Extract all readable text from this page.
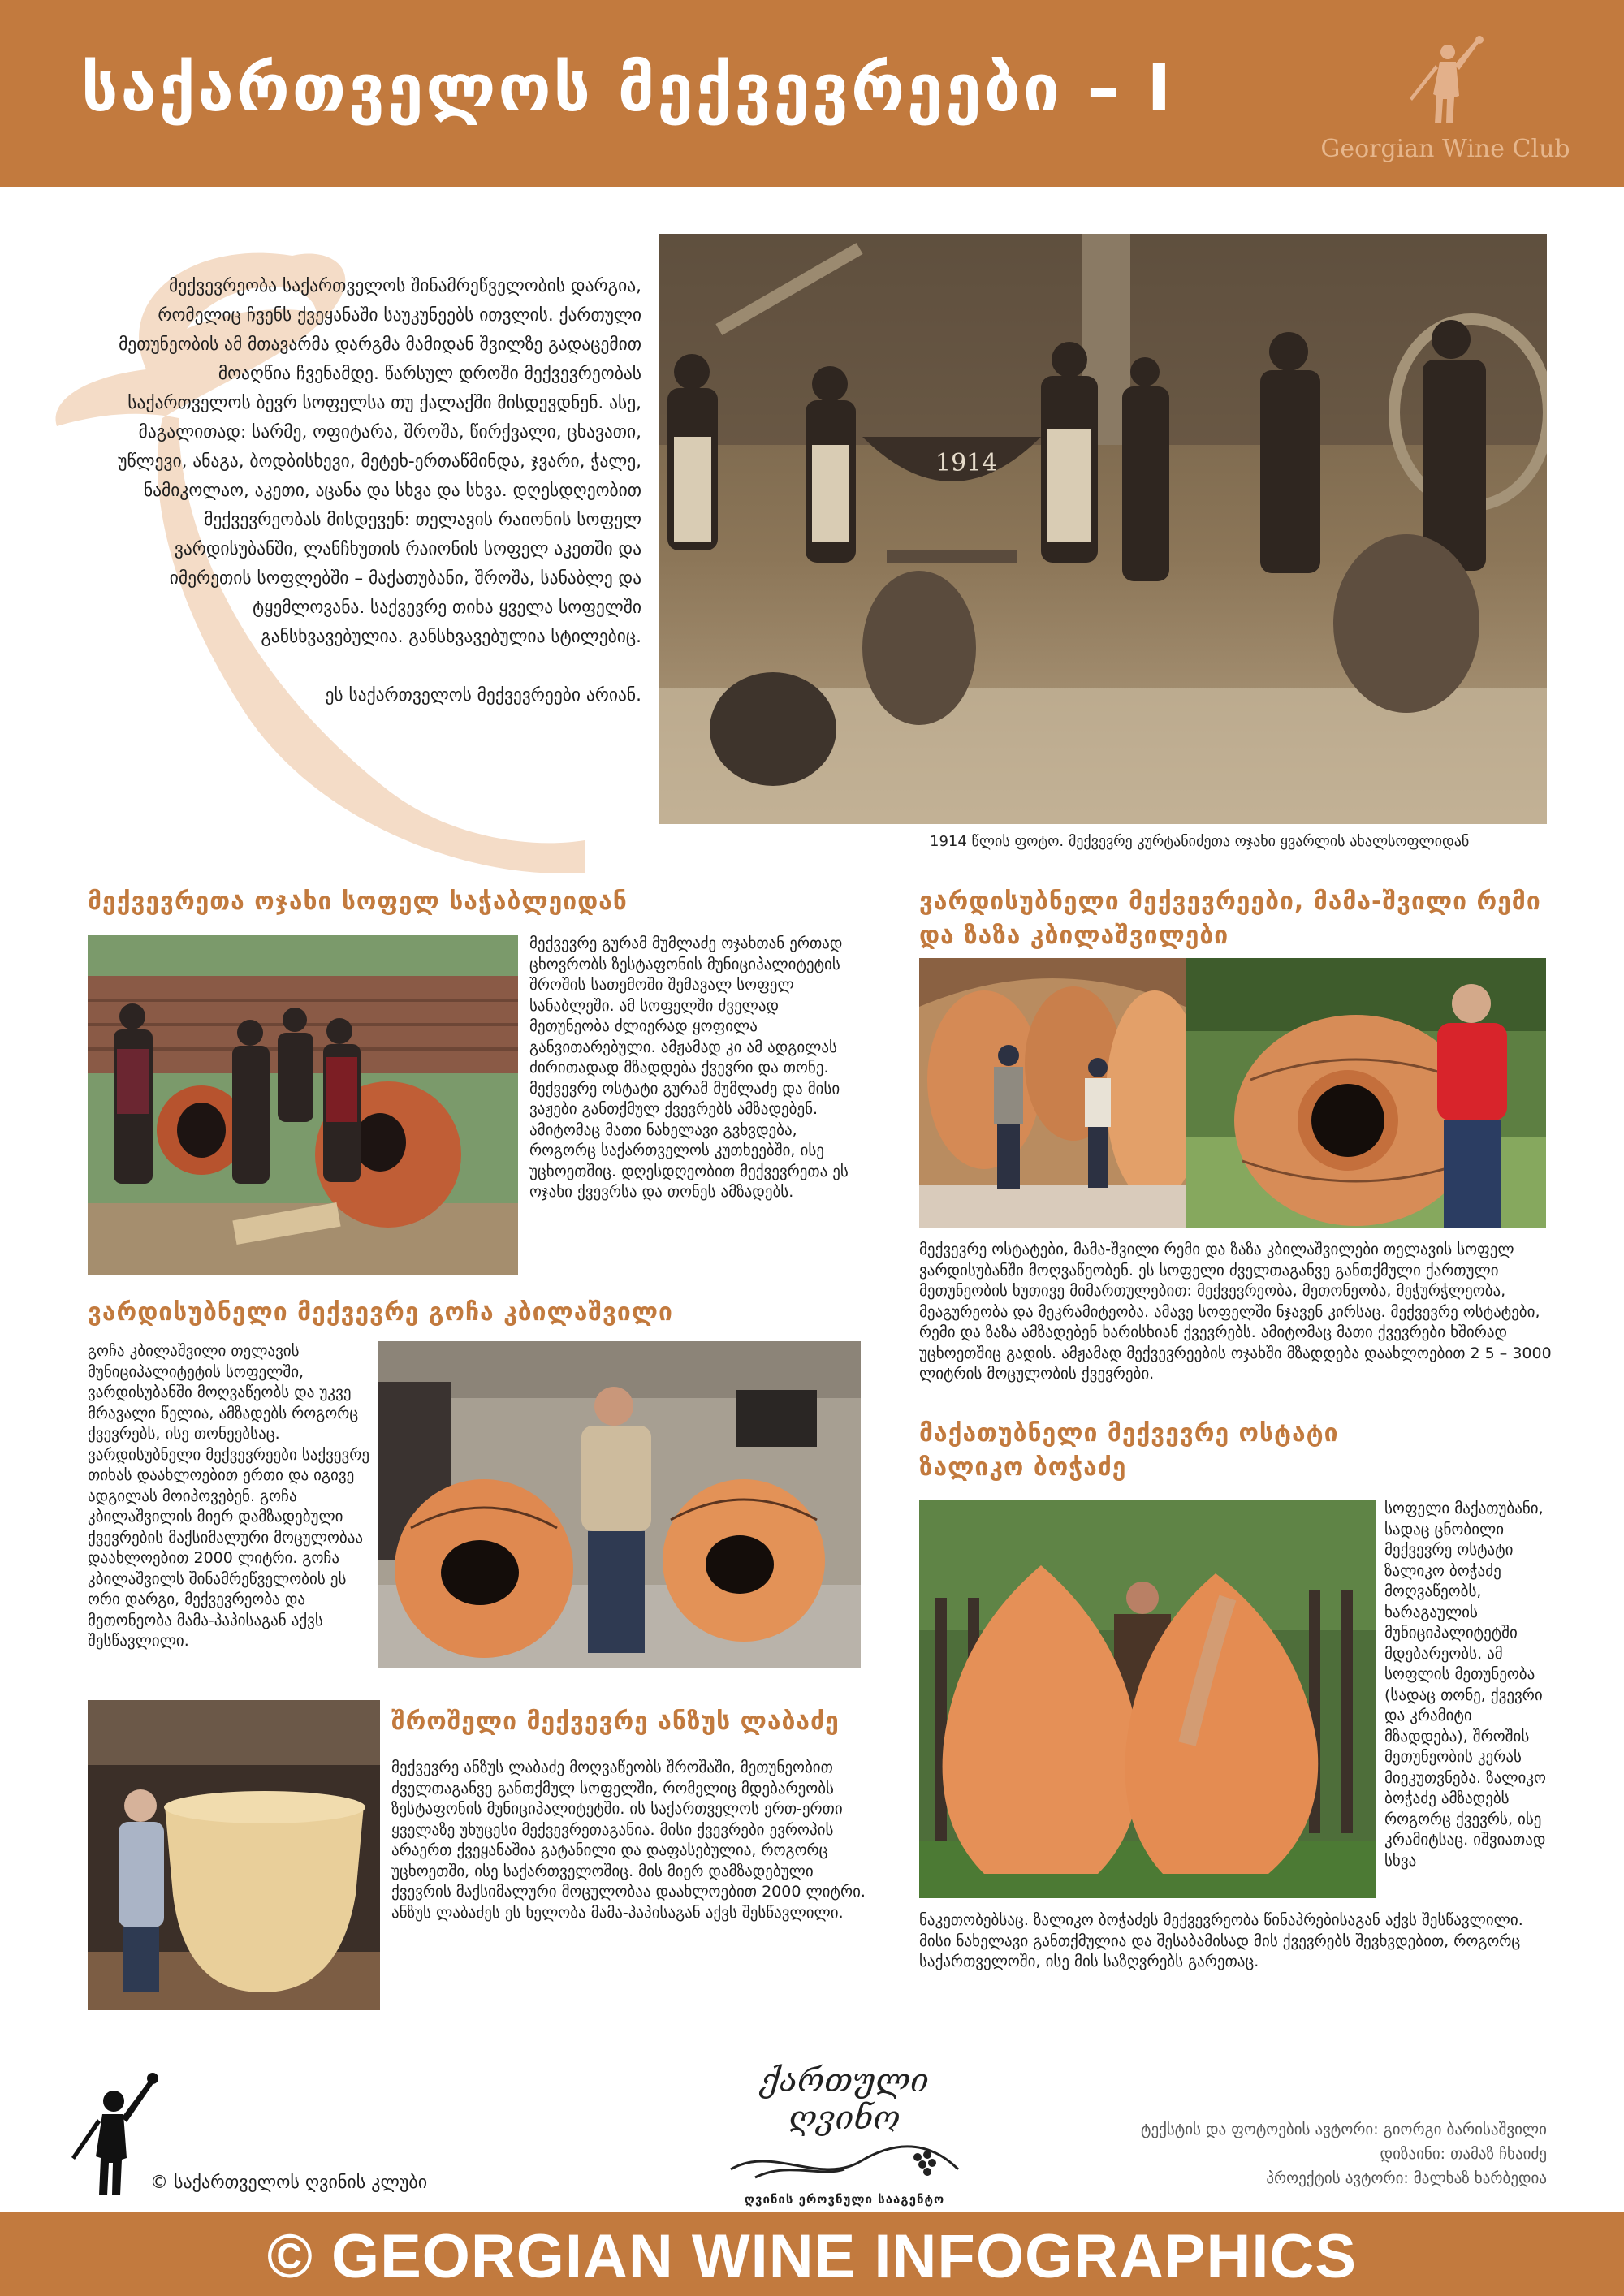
საქართველოს მექვევრეები – I
Georgian Wine Club

მექვევრეობა საქართველოს შინამრეწველობის დარგია, რომელიც ჩვენს ქვეყანაში საუკუნეებს ითვლის. ქართული მეთუნეობის ამ მთავარმა დარგმა მამიდან შვილზე გადაცემით მოაღწია ჩვენამდე. წარსულ დროში მექვევრეობას საქართველოს ბევრ სოფელსა თუ ქალაქში მისდევდნენ. ასე, მაგალითად: სარმე, ოფიტარა, შროშა, წირქვალი, ცხავათი, უწლევი, ანაგა, ბოდბისხევი, მეტეხ-ერთაწმინდა, ჯვარი, ჭალე, ნამიკოლაო, აკეთი, აცანა და სხვა და სხვა. დღესდღეობით მექვევრეობას მისდევენ: თელავის რაიონის სოფელ ვარდისუბანში, ლანჩხუთის რაიონის სოფელ აკეთში და იმერეთის სოფლებში – მაქათუბანი, შროშა, სანაბლე და ტყემლოვანა. საქვევრე თიხა ყველა სოფელში განსხვავებულია. განსხვავებულია სტილებიც.

ეს საქართველოს მექვევრეები არიან.

1914
1914 წლის ფოტო. მექვევრე კურტანიძეთა ოჯახი ყვარლის ახალსოფლიდან
მექვევრეთა ოჯახი სოფელ საჭაბლეიდან
მექვევრე გურამ მუმლაძე ოჯახთან ერთად ცხოვრობს ზესტაფონის მუნიციპალიტეტის შროშის სათემოში შემავალ სოფელ სანაბლეში. ამ სოფელში ძველად მეთუნეობა ძლიერად ყოფილა განვითარებული. ამჟამად კი ამ ადგილას ძირითადად მზადდება ქვევრი და თონე. მექვევრე ოსტატი გურამ მუმლაძე და მისი ვაჟები განთქმულ ქვევრებს ამზადებენ. ამიტომაც მათი ნახელავი გვხვდება, როგორც საქართველოს კუთხეებში, ისე უცხოეთშიც. დღესდღეობით მექვევრეთა ეს ოჯახი ქვევრსა და თონეს ამზადებს.
ვარდისუბნელი მექვევრეები, მამა-შვილი რემი და ზაზა კბილაშვილები
მექვევრე ოსტატები, მამა-შვილი რემი და ზაზა კბილაშვილები თელავის სოფელ ვარდისუბანში მოღვაწეობენ. ეს სოფელი ძველთაგანვე განთქმული ქართული მეთუნეობის ხუთივე მიმართულებით: მექვევრეობა, მეთონეობა, მეჭურჭლეობა, მეაგურეობა და მეკრამიტეობა. ამავე სოფელში ნჯავენ კირსაც. მექვევრე ოსტატები, რემი და ზაზა ამზადებენ ხარისხიან ქვევრებს. ამიტომაც მათი ქვევრები ხშირად უცხოეთშიც გადის. ამჟამად მექვევრეების ოჯახში მზადდება დაახლოებით 2 5 – 3000 ლიტრის მოცულობის ქვევრები.
ვარდისუბნელი მექვევრე გოჩა კბილაშვილი
გოჩა კბილაშვილი თელავის მუნიციპალიტეტის სოფელში, ვარდისუბანში მოღვაწეობს და უკვე მრავალი წელია, ამზადებს როგორც ქვევრებს, ისე თონეებსაც. ვარდისუბნელი მექვევრეები საქვევრე თიხას დაახლოებით ერთი და იგივე ადგილას მოიპოვებენ. გოჩა კბილაშვილის მიერ დამზადებული ქვევრების მაქსიმალური მოცულობაა დაახლოებით 2000 ლიტრი. გოჩა კბილაშვილს შინამრეწველობის ეს ორი დარგი, მექვევრეობა და მეთონეობა მამა-პაპისაგან აქვს შესწავლილი.
შროშელი მექვევრე ანზუს ლაბაძე
მექვევრე ანზუს ლაბაძე მოღვაწეობს შროშაში, მეთუნეობით ძველთაგანვე განთქმულ სოფელში, რომელიც მდებარეობს ზესტაფონის მუნიციპალიტეტში. ის საქართველოს ერთ-ერთი ყველაზე უხუცესი მექვევრეთაგანია. მისი ქვევრები ევროპის არაერთ ქვეყანაშია გატანილი და დაფასებულია, როგორც უცხოეთში, ისე საქართველოშიც. მის მიერ დამზადებული ქვევრის მაქსიმალური მოცულობაა დაახლოებით 2000 ლიტრი. ანზუს ლაბაძეს ეს ხელობა მამა-პაპისაგან აქვს შესწავლილი.
მაქათუბნელი მექვევრე ოსტატი ზალიკო ბოჭაძე
სოფელი მაქათუბანი, სადაც ცნობილი მექვევრე ოსტატი ზალიკო ბოჭაძე მოღვაწეობს, ხარაგაულის მუნიციპალიტეტში მდებარეობს. ამ სოფლის მეთუნეობა (სადაც თონე, ქვევრი და კრამიტი მზადდება), შროშის მეთუნეობის კერას მიეკუთვნება. ზალიკო ბოჭაძე ამზადებს როგორც ქვევრს, ისე კრამიტსაც. იშვიათად სხვა
ნაკეთობებსაც. ზალიკო ბოჭაძეს მექვევრეობა წინაპრებისაგან აქვს შესწავლილი. მისი ნახელავი განთქმულია და შესაბამისად მის ქვევრებს შევხვდებით, როგორც საქართველოში, ისე მის საზღვრებს გარეთაც.
© საქართველოს ღვინის კლუბი
ქართული ღვინო
ღვინის ეროვნული სააგენტო
ტექსტის და ფოტოების ავტორი: გიორგი ბარისაშვილი
დიზაინი: თამაზ ჩხაიძე
პროექტის ავტორი: მალხაზ ხარბედია
© GEORGIAN WINE INFOGRAPHICS
